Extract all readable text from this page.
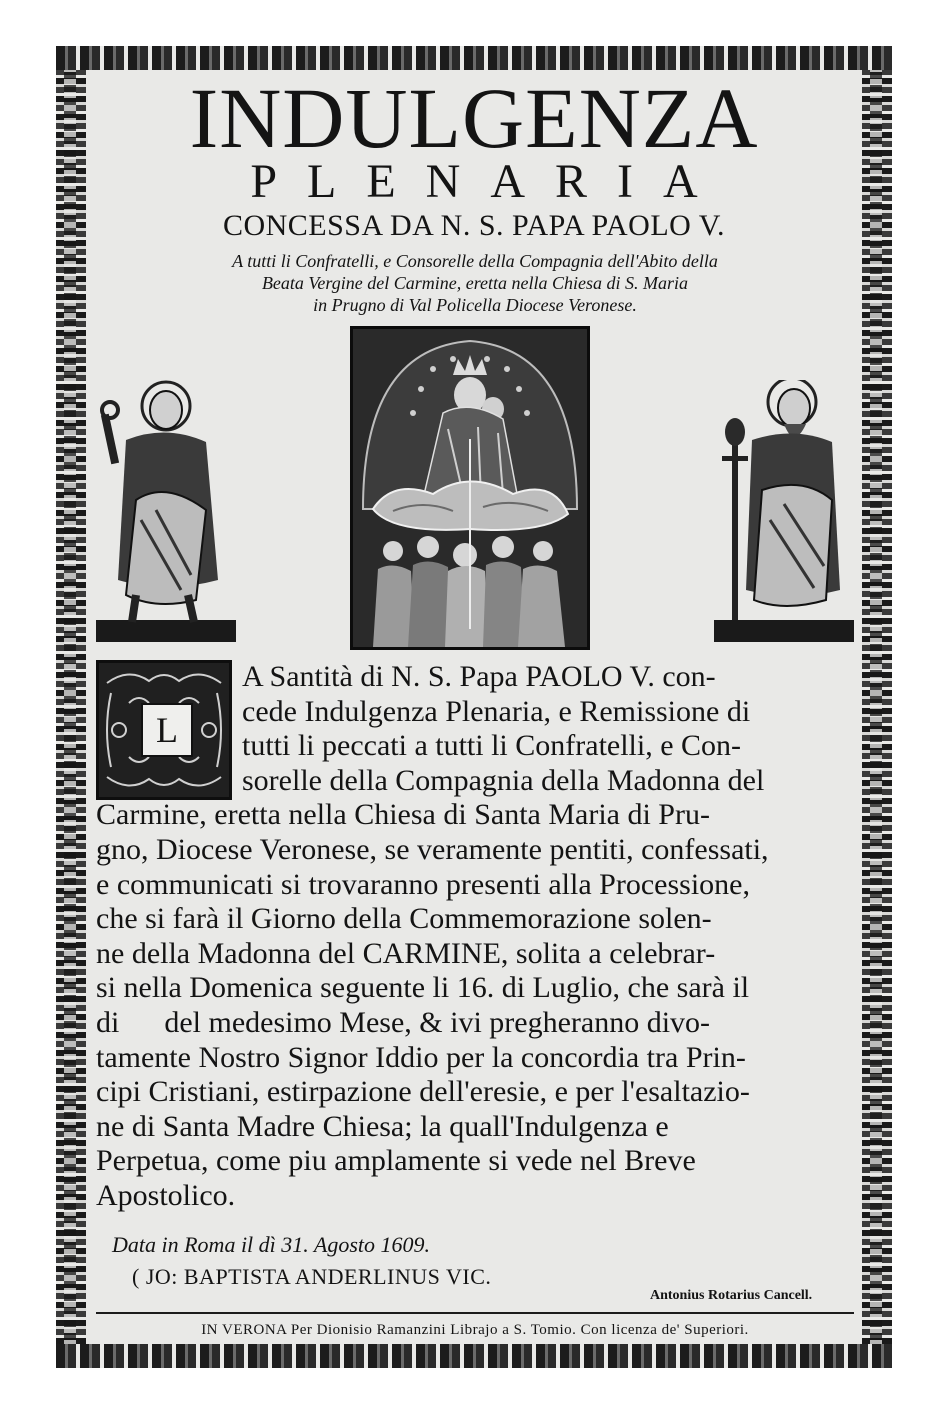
INDULGENZA
PLENARIA
CONCESSA DA N. S. PAPA PAOLO V.
A tutti li Confratelli, e Consorelle della Compagnia dell'Abito della
Beata Vergine del Carmine, eretta nella Chiesa di S. Maria
in Prugno di Val Policella Diocese Veronese.
L
A Santità di N. S. Papa PAOLO V. con-
cede Indulgenza Plenaria, e Remissione di
tutti li peccati a tutti li Confratelli, e Con-
sorelle della Compagnia della Madonna del
Carmine, eretta nella Chiesa di Santa Maria di Pru-
gno, Diocese Veronese, se veramente pentiti, confessati,
e communicati si trovaranno presenti alla Processione,
che si farà il Giorno della Commemorazione solen-
ne della Madonna del CARMINE, solita a celebrar-
si nella Domenica seguente li 16. di Luglio, che sarà il
di      del medesimo Mese, & ivi pregheranno divo-
tamente Nostro Signor Iddio per la concordia tra Prin-
cipi Cristiani, estirpazione dell'eresie, e per l'esaltazio-
ne di Santa Madre Chiesa; la quall'Indulgenza e
Perpetua, come piu amplamente si vede nel Breve
Apostolico.
Data in Roma il dì 31. Agosto 1609.
( JO: BAPTISTA ANDERLINUS VIC.
Antonius Rotarius Cancell.
IN VERONA Per Dionisio Ramanzini Librajo a S. Tomio. Con licenza de' Superiori.
